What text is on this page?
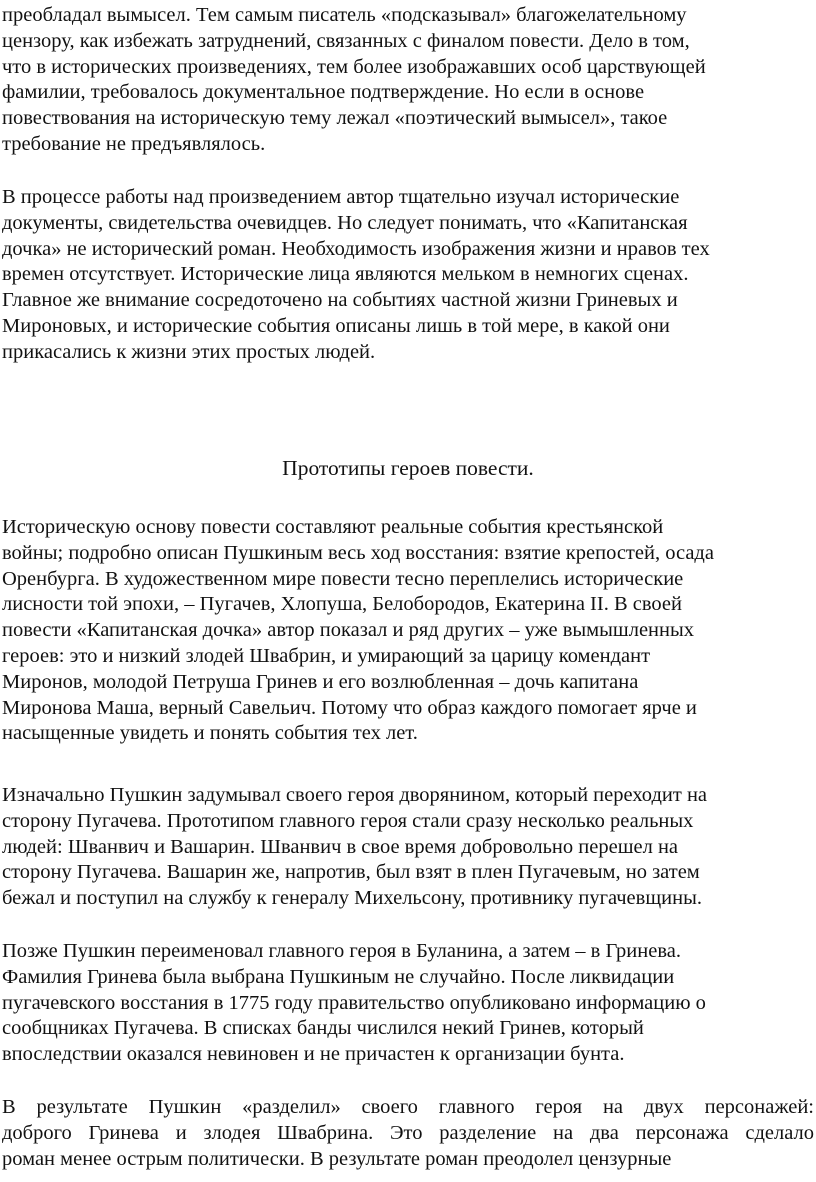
преобладал вымысел. Тем самым писатель «подсказывал» благожелательному
цензору, как избежать затруднений, связанных с финалом повести. Дело в том,
что в исторических произведениях, тем более изображавших особ царствующей
фамилии, требовалось документальное подтверждение. Но если в основе
повествования на историческую тему лежал «поэтический вымысел», такое
требование не предъявлялось.
В процессе работы над произведением автор тщательно изучал исторические
документы, свидетельства очевидцев. Но следует понимать, что «Капитанская
дочка» не исторический роман. Необходимость изображения жизни и нравов тех
времен отсутствует. Исторические лица являются мельком в немногих сценах.
Главное же внимание сосредоточено на событиях частной жизни Гриневых и
Мироновых, и исторические события описаны лишь в той мере, в какой они
прикасались к жизни этих простых людей.
Прототипы героев повести.
Историческую основу повести составляют реальные события крестьянской
войны; подробно описан Пушкиным весь ход восстания: взятие крепостей, осада
Оренбурга. В художественном мире повести тесно переплелись исторические
лисности той эпохи, – Пугачев, Хлопуша, Белобородов, Екатерина II. В своей
повести «Капитанская дочка» автор показал и ряд других – уже вымышленных
героев: это и низкий злодей Швабрин, и умирающий за царицу комендант
Миронов, молодой Петруша Гринев и его возлюбленная – дочь капитана
Миронова Маша, верный Савельич. Потому что образ каждого помогает ярче и
насыщенные увидеть и понять события тех лет.
Изначально Пушкин задумывал своего героя дворянином, который переходит на
сторону Пугачева. Прототипом главного героя стали сразу несколько реальных
людей: Шванвич и Вашарин. Шванвич в свое время добровольно перешел на
сторону Пугачева. Вашарин же, напротив, был взят в плен Пугачевым, но затем
бежал и поступил на службу к генералу Михельсону, противнику пугачевщины.
Позже Пушкин переименовал главного героя в Буланина, а затем – в Гринева.
Фамилия Гринева была выбрана Пушкиным не случайно. После ликвидации
пугачевского восстания в 1775 году правительство опубликовано информацию о
сообщниках Пугачева. В списках банды числился некий Гринев, который
впоследствии оказался невиновен и не причастен к организации бунта.
В результате Пушкин «разделил» своего главного героя на двух персонажей:
доброго Гринева и злодея Швабрина. Это разделение на два персонажа сделало
роман менее острым политически. В результате роман преодолел цензурные
